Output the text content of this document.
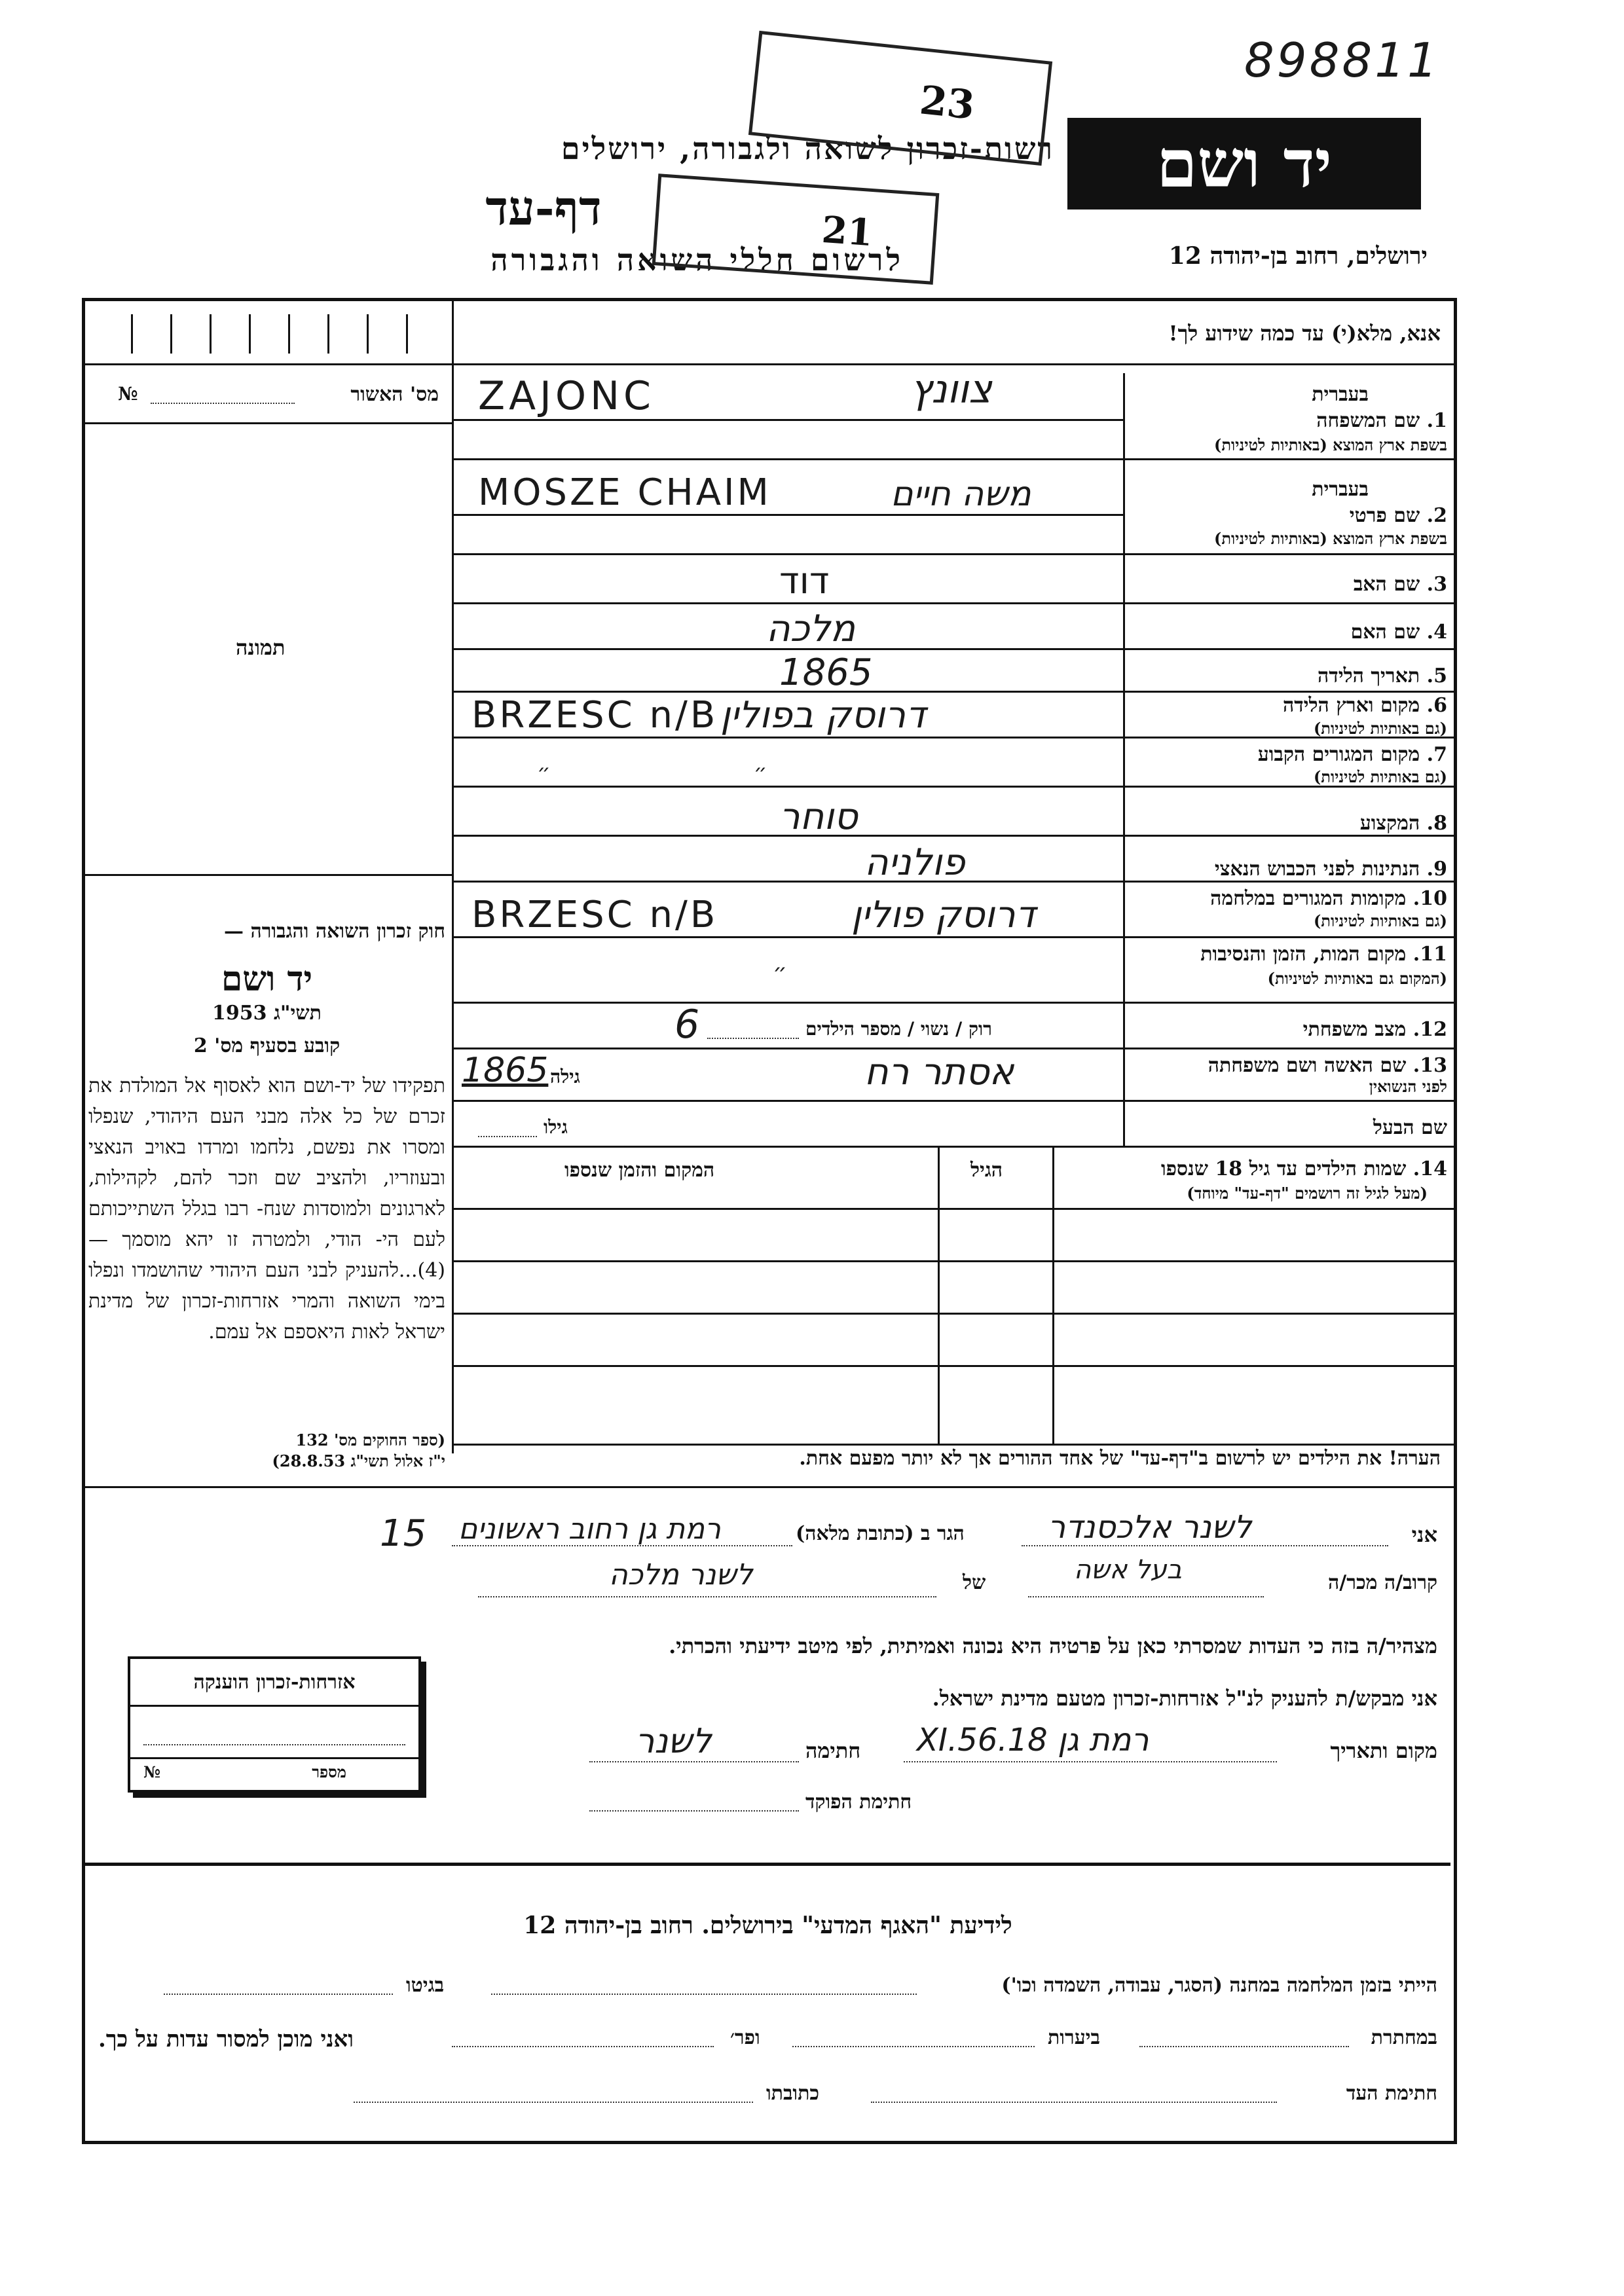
898811
יד ושם
רשות-זכרון לשואה ולגבורה, ירושלים
דף-עד
לרשום חללי השואה והגבורה	ירושלים, רחוב בן-יהודה 12
23
21
אנא, מלא(י) עד כמה שידוע לך!
№	מס' האשור
תמונה
בעברית
1. שם המשפחה
בשפת ארץ המוצא (באותיות לטיניות)
ZAJONC	צוונץ
בעברית
2. שם פרטי
בשפת ארץ המוצא (באותיות לטיניות)
MOSZE CHAIM	משה חיים
3. שם האב
דוד
4. שם האם
מלכה
5. תאריך הלידה
1865
6. מקום וארץ הלידה
(גם באותיות לטיניות)
BRZESC n/B דרוסק בפולין
7. מקום המגורים הקבוע
(גם באותיות לטיניות)
״ ״
8. המקצוע
סוחר
9. הנתינות לפני הכבוש הנאצי
פולניה
10. מקומות המגורים במלחמה
(גם באותיות לטיניות)
BRZESC n/B	דרוסק פולין
11. מקום המות, הזמן והנסיבות
(המקום גם באותיות לטיניות)
״
12. מצב משפחתי
רוק / נשוי / מספר הילדים
6
13. שם האשה ושם משפחתה
לפני הנשואין
אסתר רח
1865 גילה
שם הבעל
גילו
המקום והזמן שנספו	הגיל	14. שמות הילדים עד גיל 18 שנספו
(מעל לגיל זה רושמים "דף-עד" מיוחד)
הערה! את הילדים יש לרשום ב"דף-עד" של אחד ההורים אך לא יותר מפעם אחת.
חוק זכרון השואה והגבורה —
יד ושם
תשי"ג 1953
קובע בסעיף מס' 2
תפקידו של יד-ושם הוא לאסוף אל המולדת את זכרם של כל אלה מבני העם היהודי, שנפלו ומסרו את נפשם, נלחמו ומרדו באויב הנאצי ובעוזריו, ולהציב שם וזכר להם, לקהילות, לארגונים ולמוסדות שנח- רבו בגלל השתייכותם לעם הי- הודי, ולמטרה זו יהא מוסמך — (4)...להעניק לבני העם היהודי שהושמדו ונפלו בימי השואה והמרי אזרחות-זכרון של מדינת ישראל לאות היאספם אל עמם.
(ספר החוקים מס' 132
י"ז אלול תשי"ג 28.8.53)
15	אני
לשנר אלכסנדר
הגר ב (כתובת מלאה)
רמת גן רחוב ראשונים
קרוב/ה מכר/ה
בעל אשה
של
לשנר מלכה
מצהיר/ה בזה כי העדות שמסרתי כאן על פרטיה היא נכונה ואמיתית, לפי מיטב ידיעתי והכרתי.
אני מבקש/ת להעניק לנ"ל אזרחות-זכרון מטעם מדינת ישראל.
מקום ותאריך
רמת גן 18.XI.56
חתימה
לשנר
חתימת הפוקד
אזרחות-זכרון הוענקה
№	מספר
לידיעת "האגף המדעי" בירושלים. רחוב בן-יהודה 12
הייתי בזמן המלחמה במחנה (הסגר, עבודה, השמדה וכו')
בגיטו
במחתרת
ביערות
ופר׳
ואני מוכן למסור עדות על כך.
חתימת העד
כתובתו
